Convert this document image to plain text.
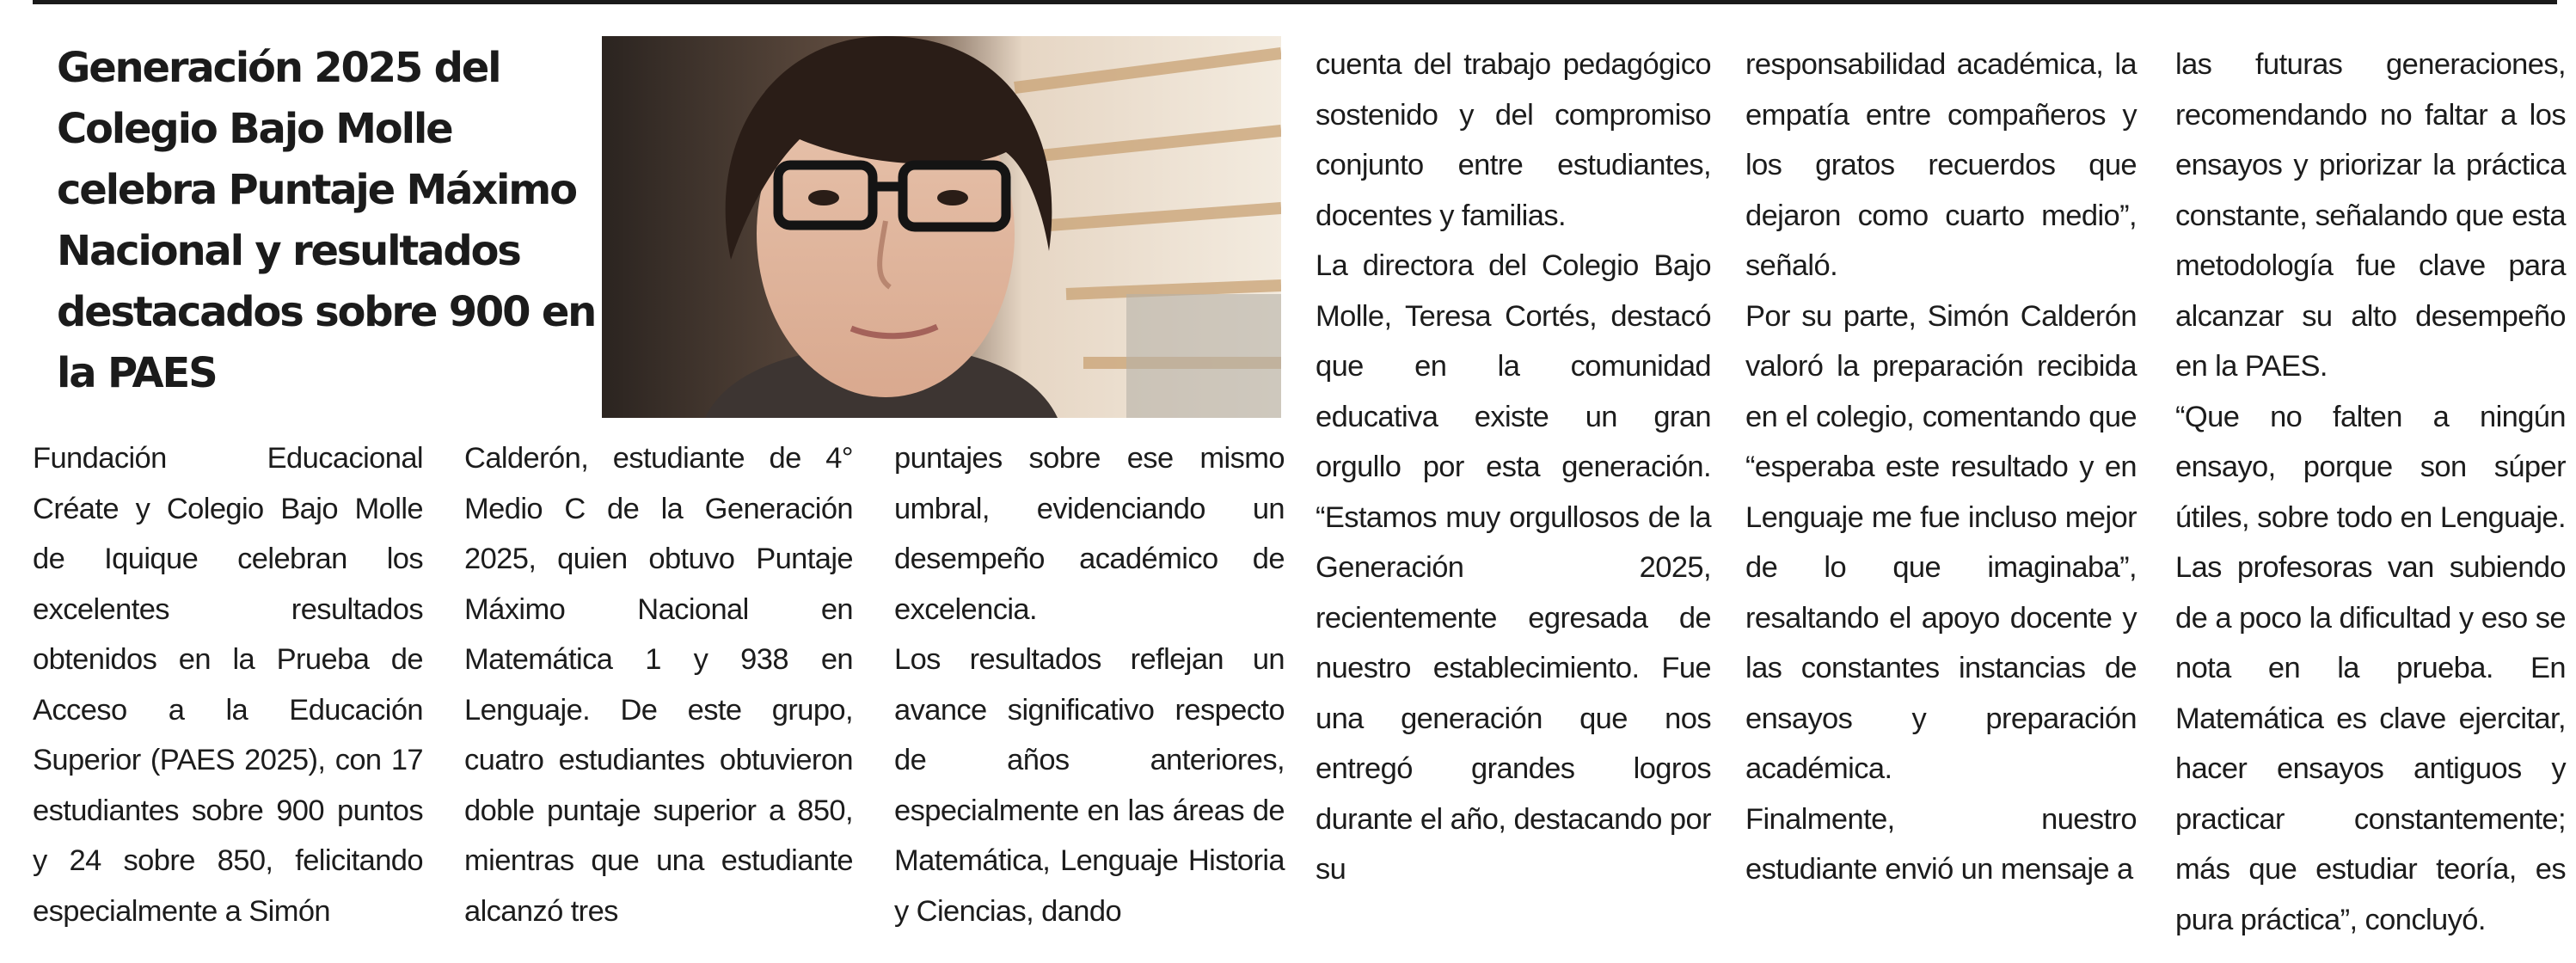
Generación 2025 del Colegio Bajo Molle celebra Puntaje Máximo Nacional y resultados destacados sobre 900 en la PAES

Fundación Educacional Créate y Colegio Bajo Molle de Iquique celebran los excelentes resultados obtenidos en la Prueba de Acceso a la Educación Superior (PAES 2025), con 17 estudiantes sobre 900 puntos y 24 sobre 850, felicitando especialmente a Simón

Calderón, estudiante de 4° Medio C de la Generación 2025, quien obtuvo Puntaje Máximo Nacional en Matemática 1 y 938 en Lenguaje. De este grupo, cuatro estudiantes obtuvieron doble puntaje superior a 850, mientras que una estudiante alcanzó tres

puntajes sobre ese mismo umbral, evidenciando un desempeño académico de excelencia.

Los resultados reflejan un avance significativo respecto de años anteriores, especialmente en las áreas de Matemática, Lenguaje Historia y Ciencias, dando

cuenta del trabajo pedagógico sostenido y del compromiso conjunto entre estudiantes, docentes y familias.

La directora del Colegio Bajo Molle, Teresa Cortés, destacó que en la comunidad educativa existe un gran orgullo por esta generación. “Estamos muy orgullosos de la Generación 2025, recientemente egresada de nuestro establecimiento. Fue una generación que nos entregó grandes logros durante el año, destacando por su

responsabilidad académica, la empatía entre compañeros y los gratos recuerdos que dejaron como cuarto medio”, señaló.

Por su parte, Simón Calderón valoró la preparación recibida en el colegio, comentando que “esperaba este resultado y en Lenguaje me fue incluso mejor de lo que imaginaba”, resaltando el apoyo docente y las constantes instancias de ensayos y preparación académica.

Finalmente, nuestro estudiante envió un mensaje a

las futuras generaciones, recomendando no faltar a los ensayos y priorizar la práctica constante, señalando que esta metodología fue clave para alcanzar su alto desempeño en la PAES.

“Que no falten a ningún ensayo, porque son súper útiles, sobre todo en Lenguaje. Las profesoras van subiendo de a poco la dificultad y eso se nota en la prueba. En Matemática es clave ejercitar, hacer ensayos antiguos y practicar constantemente; más que estudiar teoría, es pura práctica”, concluyó.
